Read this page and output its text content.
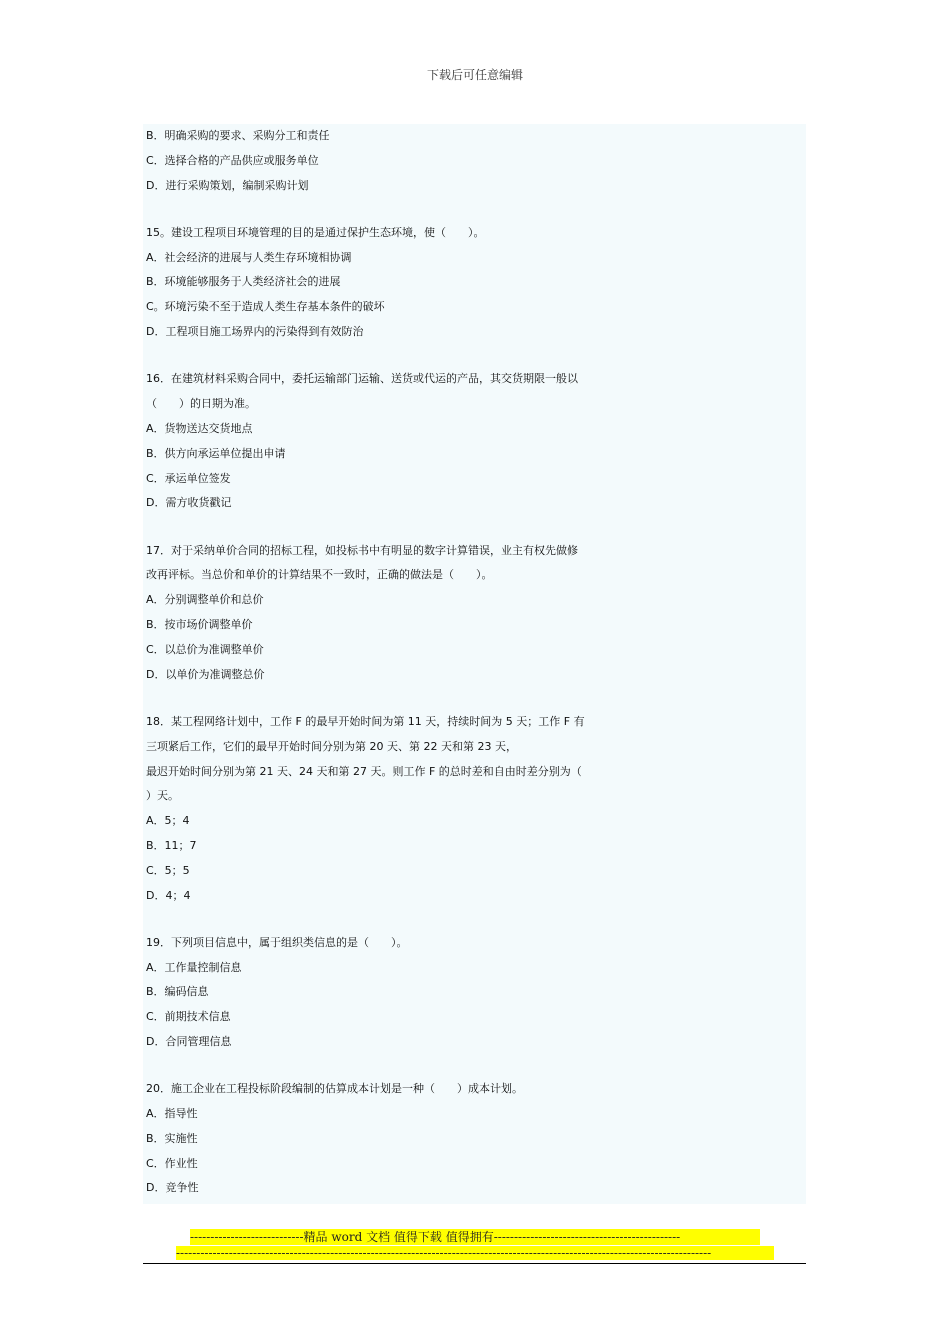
下载后可任意编辑
B．明确采购的要求、采购分工和责任
C．选择合格的产品供应或服务单位
D．进行采购策划，编制采购计划
15。建设工程项目环境管理的目的是通过保护生态环境，使（　　）。
A．社会经济的进展与人类生存环境相协调
B．环境能够服务于人类经济社会的进展
C。环境污染不至于造成人类生存基本条件的破坏
D．工程项目施工场界内的污染得到有效防治
16．在建筑材料采购合同中，委托运输部门运输、送货或代运的产品，其交货期限一般以
（　　）的日期为准。
A．货物送达交货地点
B．供方向承运单位提出申请
C．承运单位签发
D．需方收货戳记
17．对于采纳单价合同的招标工程，如投标书中有明显的数字计算错误，业主有权先做修
改再评标。当总价和单价的计算结果不一致时，正确的做法是（　　）。
A．分别调整单价和总价
B．按市场价调整单价
C．以总价为准调整单价
D．以单价为准调整总价
18．某工程网络计划中，工作 F 的最早开始时间为第 11 天，持续时间为 5 天；工作 F 有
三项紧后工作，它们的最早开始时间分别为第 20 天、第 22 天和第 23 天，
最迟开始时间分别为第 21 天、24 天和第 27 天。则工作 F 的总时差和自由时差分别为（
）天。
A．5；4
B．11；7
C．5；5
D．4；4
19．下列项目信息中，属于组织类信息的是（　　）。
A．工作量控制信息
B．编码信息
C．前期技术信息
D．合同管理信息
20．施工企业在工程投标阶段编制的估算成本计划是一种（　　）成本计划。
A．指导性
B．实施性
C．作业性
D．竞争性
----------------------------精品 word 文档 值得下载 值得拥有----------------------------------------------
------------------------------------------------------------------------------------------------------------------------------------
